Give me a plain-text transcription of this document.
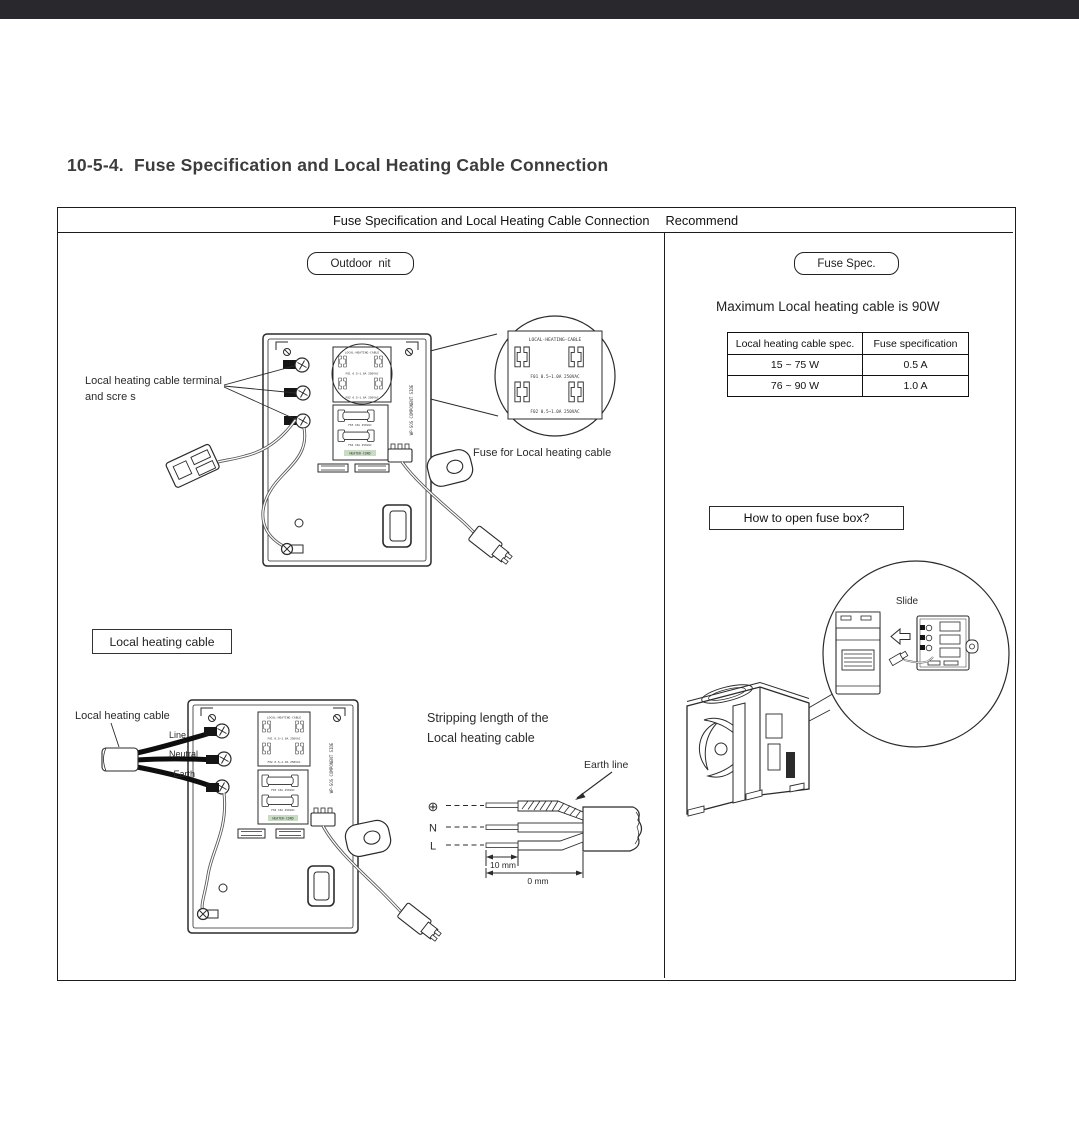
10-5-4.  Fuse Specification and Local Heating Cable Connection
Fuse Specification and Local Heating Cable Connection Recommend
Outdoor  nit
LOCAL-HEATING-CABLE
F01 0.5~1.0A 250VAC
F02 0.5~1.0A 250VAC
F03 15A 250VAC
F04 15A 250VAC
HEATER-CORD
WP-SOS COMPONENT SIDE
LOCAL-HEATING-CABLE
F01 0.5~1.0A 250VAC
F02 0.5~1.0A 250VAC
Local heating cable terminal
and scre s
Fuse for Local heating cable
Local heating cable
LOCAL-HEATING-CABLE
F01 0.5~1.0A 250VAC
F02 0.5~1.0A 250VAC
F03 15A 250VAC
F04 15A 250VAC
HEATER-CORD
WP-SOS COMPONENT SIDE
Local heating cable
Line
Neutral
Earth
Stripping length of the
Local heating cable
Earth line
⊕
N
L
10 mm
0 mm
Fuse Spec.
Maximum Local heating cable is 90W
Local heating cable spec.	Fuse specification
15 ~ 75 W	0.5 A
76 ~ 90 W	1.0 A
How to open fuse box?
Slide
